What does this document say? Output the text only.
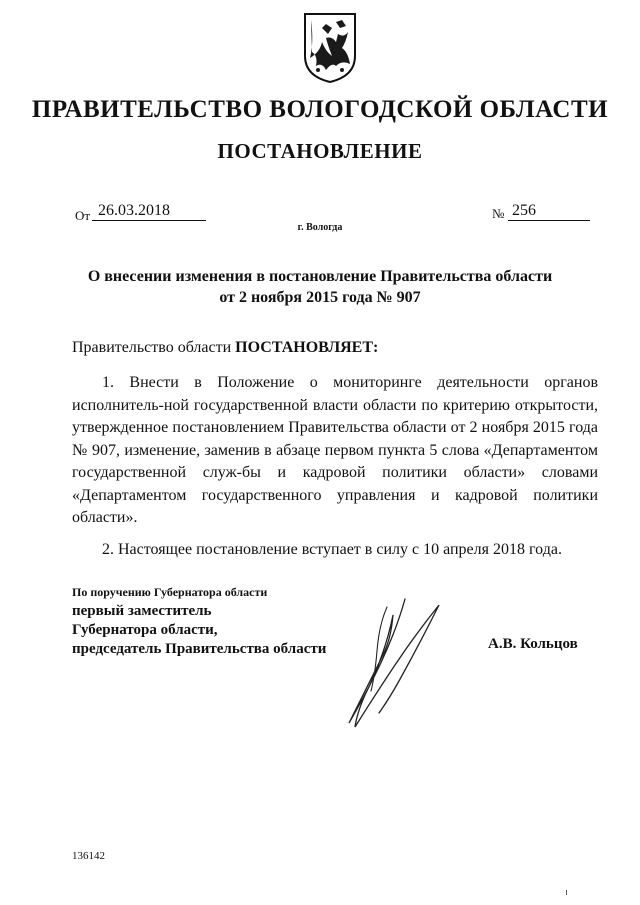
ПРАВИТЕЛЬСТВО ВОЛОГОДСКОЙ ОБЛАСТИ
ПОСТАНОВЛЕНИЕ
От 26.03.2018	№ 256
г. Вологда
О внесении изменения в постановление Правительства области
от 2 ноября 2015 года № 907
Правительство области ПОСТАНОВЛЯЕТ:
1. Внести в Положение о мониторинге деятельности органов исполнитель-ной государственной власти области по критерию открытости, утвержденное постановлением Правительства области от 2 ноября 2015 года № 907, изменение, заменив в абзаце первом пункта 5 слова «Департаментом государственной служ-бы и кадровой политики области» словами «Департаментом государственного управления и кадровой политики области».
2. Настоящее постановление вступает в силу с 10 апреля 2018 года.
По поручению Губернатора области
первый заместитель
Губернатора области,
председатель Правительства области	А.В. Кольцов
136142
